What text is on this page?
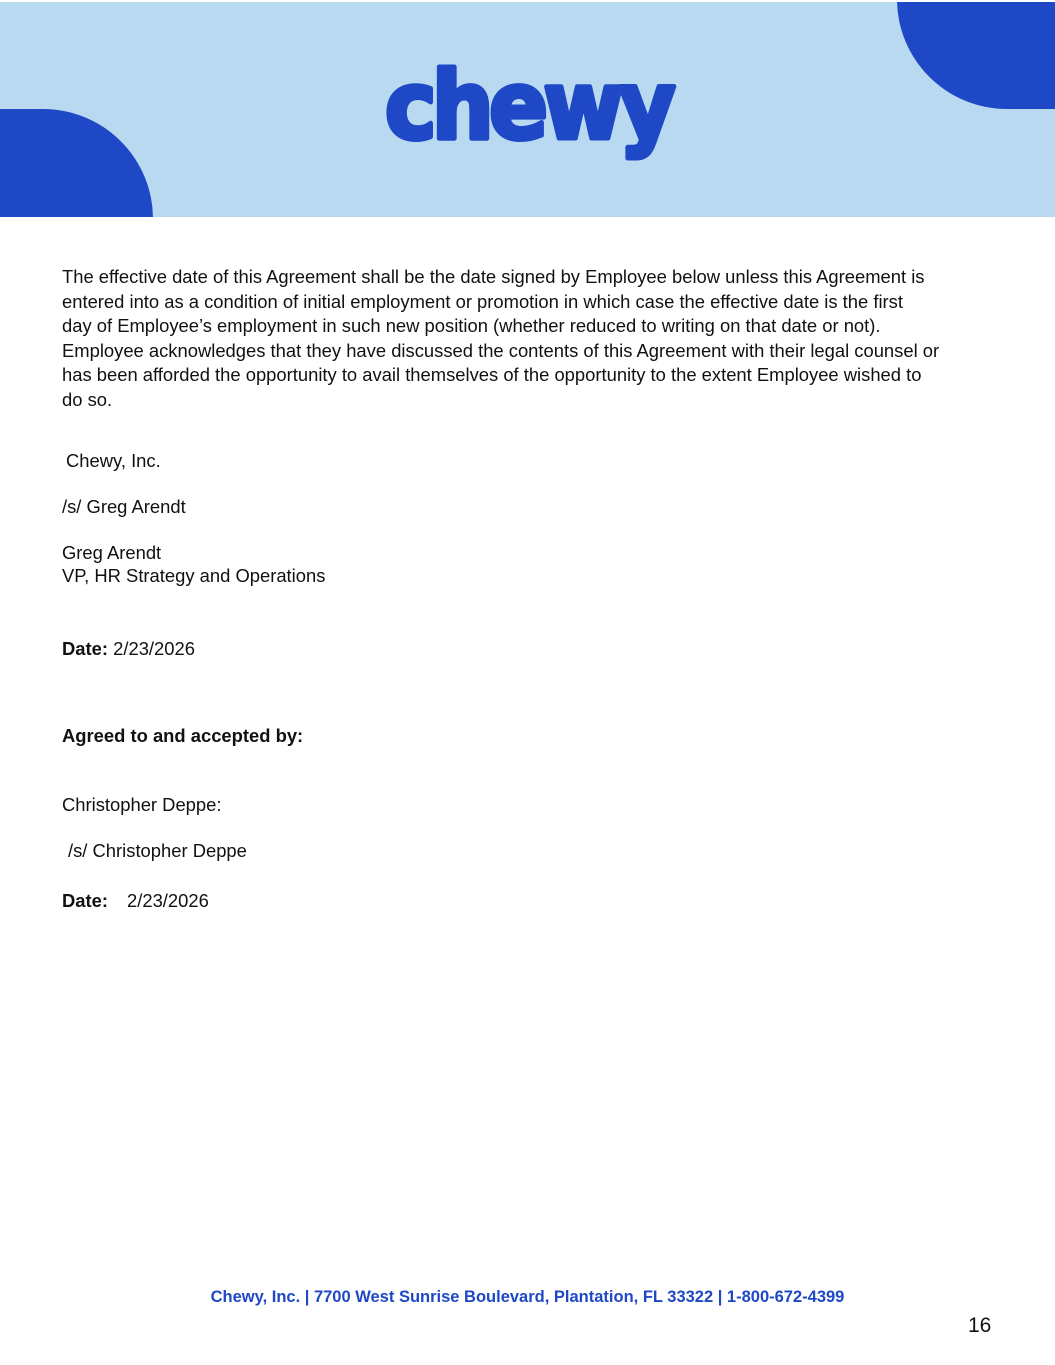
chewy
The effective date of this Agreement shall be the date signed by Employee below unless this Agreement is
entered into as a condition of initial employment or promotion in which case the effective date is the first
day of Employee’s employment in such new position (whether reduced to writing on that date or not).
Employee acknowledges that they have discussed the contents of this Agreement with their legal counsel or
has been afforded the opportunity to avail themselves of the opportunity to the extent Employee wished to
do so.
Chewy, Inc.
/s/ Greg Arendt
Greg Arendt
VP, HR Strategy and Operations
Date: 2/23/2026
Agreed to and accepted by:
Christopher Deppe:
/s/ Christopher Deppe
Date: 2/23/2026
Chewy, Inc. | 7700 West Sunrise Boulevard, Plantation, FL 33322 | 1-800-672-4399
16
